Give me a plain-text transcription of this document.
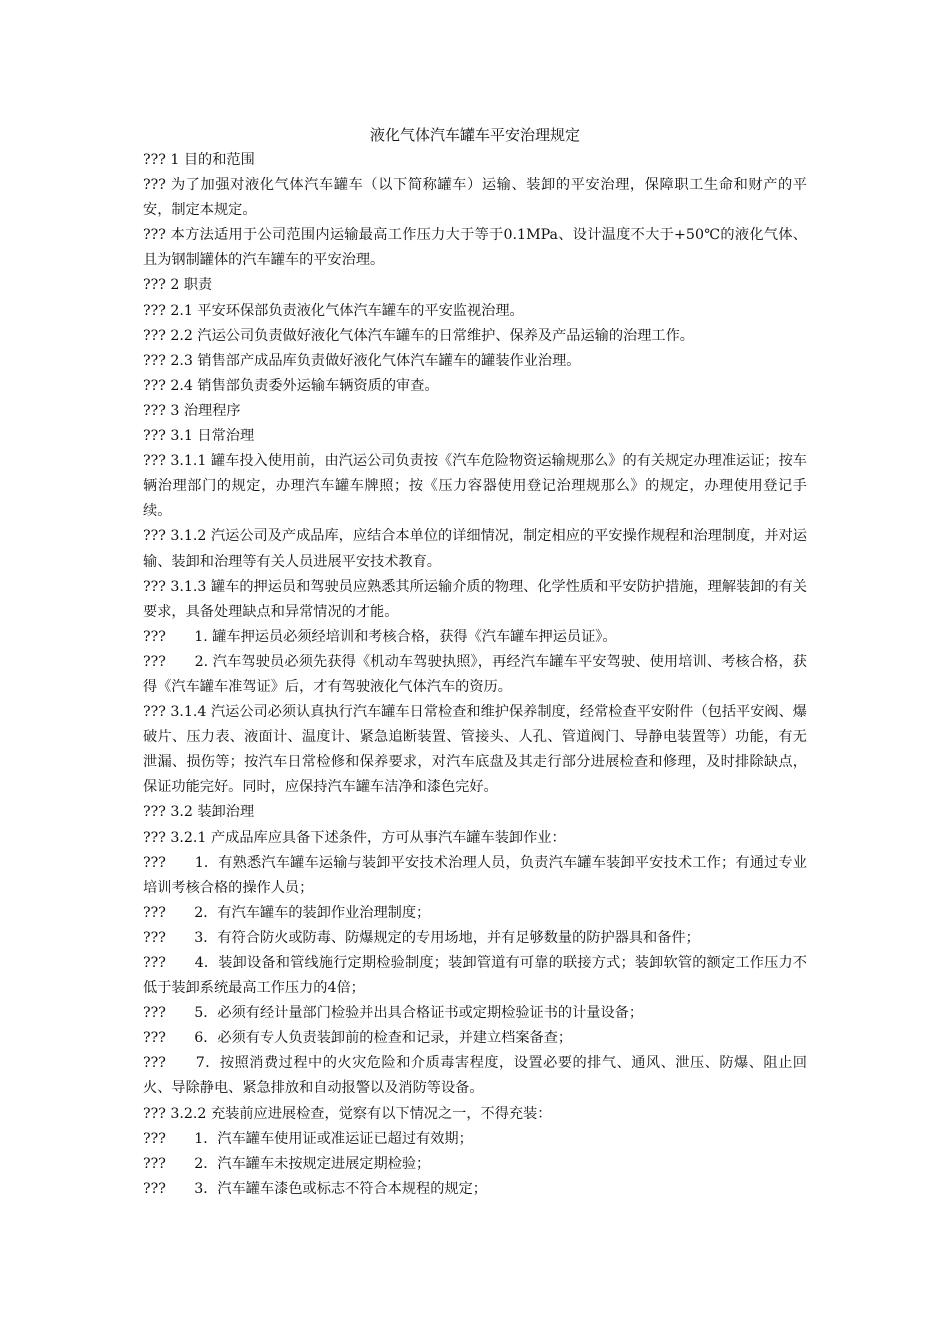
液化气体汽车罐车平安治理规定

??? 1 目的和范围

??? 为了加强对液化气体汽车罐车（以下简称罐车）运输、装卸的平安治理，保障职工生命和财产的平安，制定本规定。

??? 本方法适用于公司范围内运输最高工作压力大于等于0.1MPa、设计温度不大于+50℃的液化气体、且为钢制罐体的汽车罐车的平安治理。

??? 2 职责

??? 2.1 平安环保部负责液化气体汽车罐车的平安监视治理。

??? 2.2 汽运公司负责做好液化气体汽车罐车的日常维护、保养及产品运输的治理工作。

??? 2.3 销售部产成品库负责做好液化气体汽车罐车的罐装作业治理。

??? 2.4 销售部负责委外运输车辆资质的审查。

??? 3 治理程序

??? 3.1 日常治理

??? 3.1.1 罐车投入使用前，由汽运公司负责按《汽车危险物资运输规那么》的有关规定办理准运证；按车辆治理部门的规定，办理汽车罐车牌照；按《压力容器使用登记治理规那么》的规定，办理使用登记手续。

??? 3.1.2 汽运公司及产成品库，应结合本单位的详细情况，制定相应的平安操作规程和治理制度，并对运输、装卸和治理等有关人员进展平安技术教育。

??? 3.1.3 罐车的押运员和驾驶员应熟悉其所运输介质的物理、化学性质和平安防护措施，理解装卸的有关要求，具备处理缺点和异常情况的才能。

???　　1. 罐车押运员必须经培训和考核合格，获得《汽车罐车押运员证》。

???　　2. 汽车驾驶员必须先获得《机动车驾驶执照》，再经汽车罐车平安驾驶、使用培训、考核合格，获得《汽车罐车准驾证》后，才有驾驶液化气体汽车的资历。

??? 3.1.4 汽运公司必须认真执行汽车罐车日常检查和维护保养制度，经常检查平安附件（包括平安阀、爆破片、压力表、液面计、温度计、紧急追断装置、管接头、人孔、管道阀门、导静电装置等）功能，有无泄漏、损伤等；按汽车日常检修和保养要求，对汽车底盘及其走行部分进展检查和修理，及时排除缺点，保证功能完好。同时，应保持汽车罐车洁净和漆色完好。

??? 3.2 装卸治理

??? 3.2.1 产成品库应具备下述条件，方可从事汽车罐车装卸作业：

???　　1．有熟悉汽车罐车运输与装卸平安技术治理人员，负责汽车罐车装卸平安技术工作；有通过专业培训考核合格的操作人员；

???　　2．有汽车罐车的装卸作业治理制度；

???　　3．有符合防火或防毒、防爆规定的专用场地，并有足够数量的防护器具和备件；

???　　4．装卸设备和管线施行定期检验制度；装卸管道有可靠的联接方式；装卸软管的额定工作压力不低于装卸系统最高工作压力的4倍；

???　　5．必须有经计量部门检验并出具合格证书或定期检验证书的计量设备；

???　　6．必须有专人负责装卸前的检查和记录，并建立档案备查；

???　　7．按照消费过程中的火灾危险和介质毒害程度，设置必要的排气、通风、泄压、防爆、阻止回火、导除静电、紧急排放和自动报警以及消防等设备。

??? 3.2.2 充装前应进展检查，觉察有以下情况之一，不得充装：

???　　1．汽车罐车使用证或准运证已超过有效期；

???　　2．汽车罐车未按规定进展定期检验；

???　　3．汽车罐车漆色或标志不符合本规程的规定；
